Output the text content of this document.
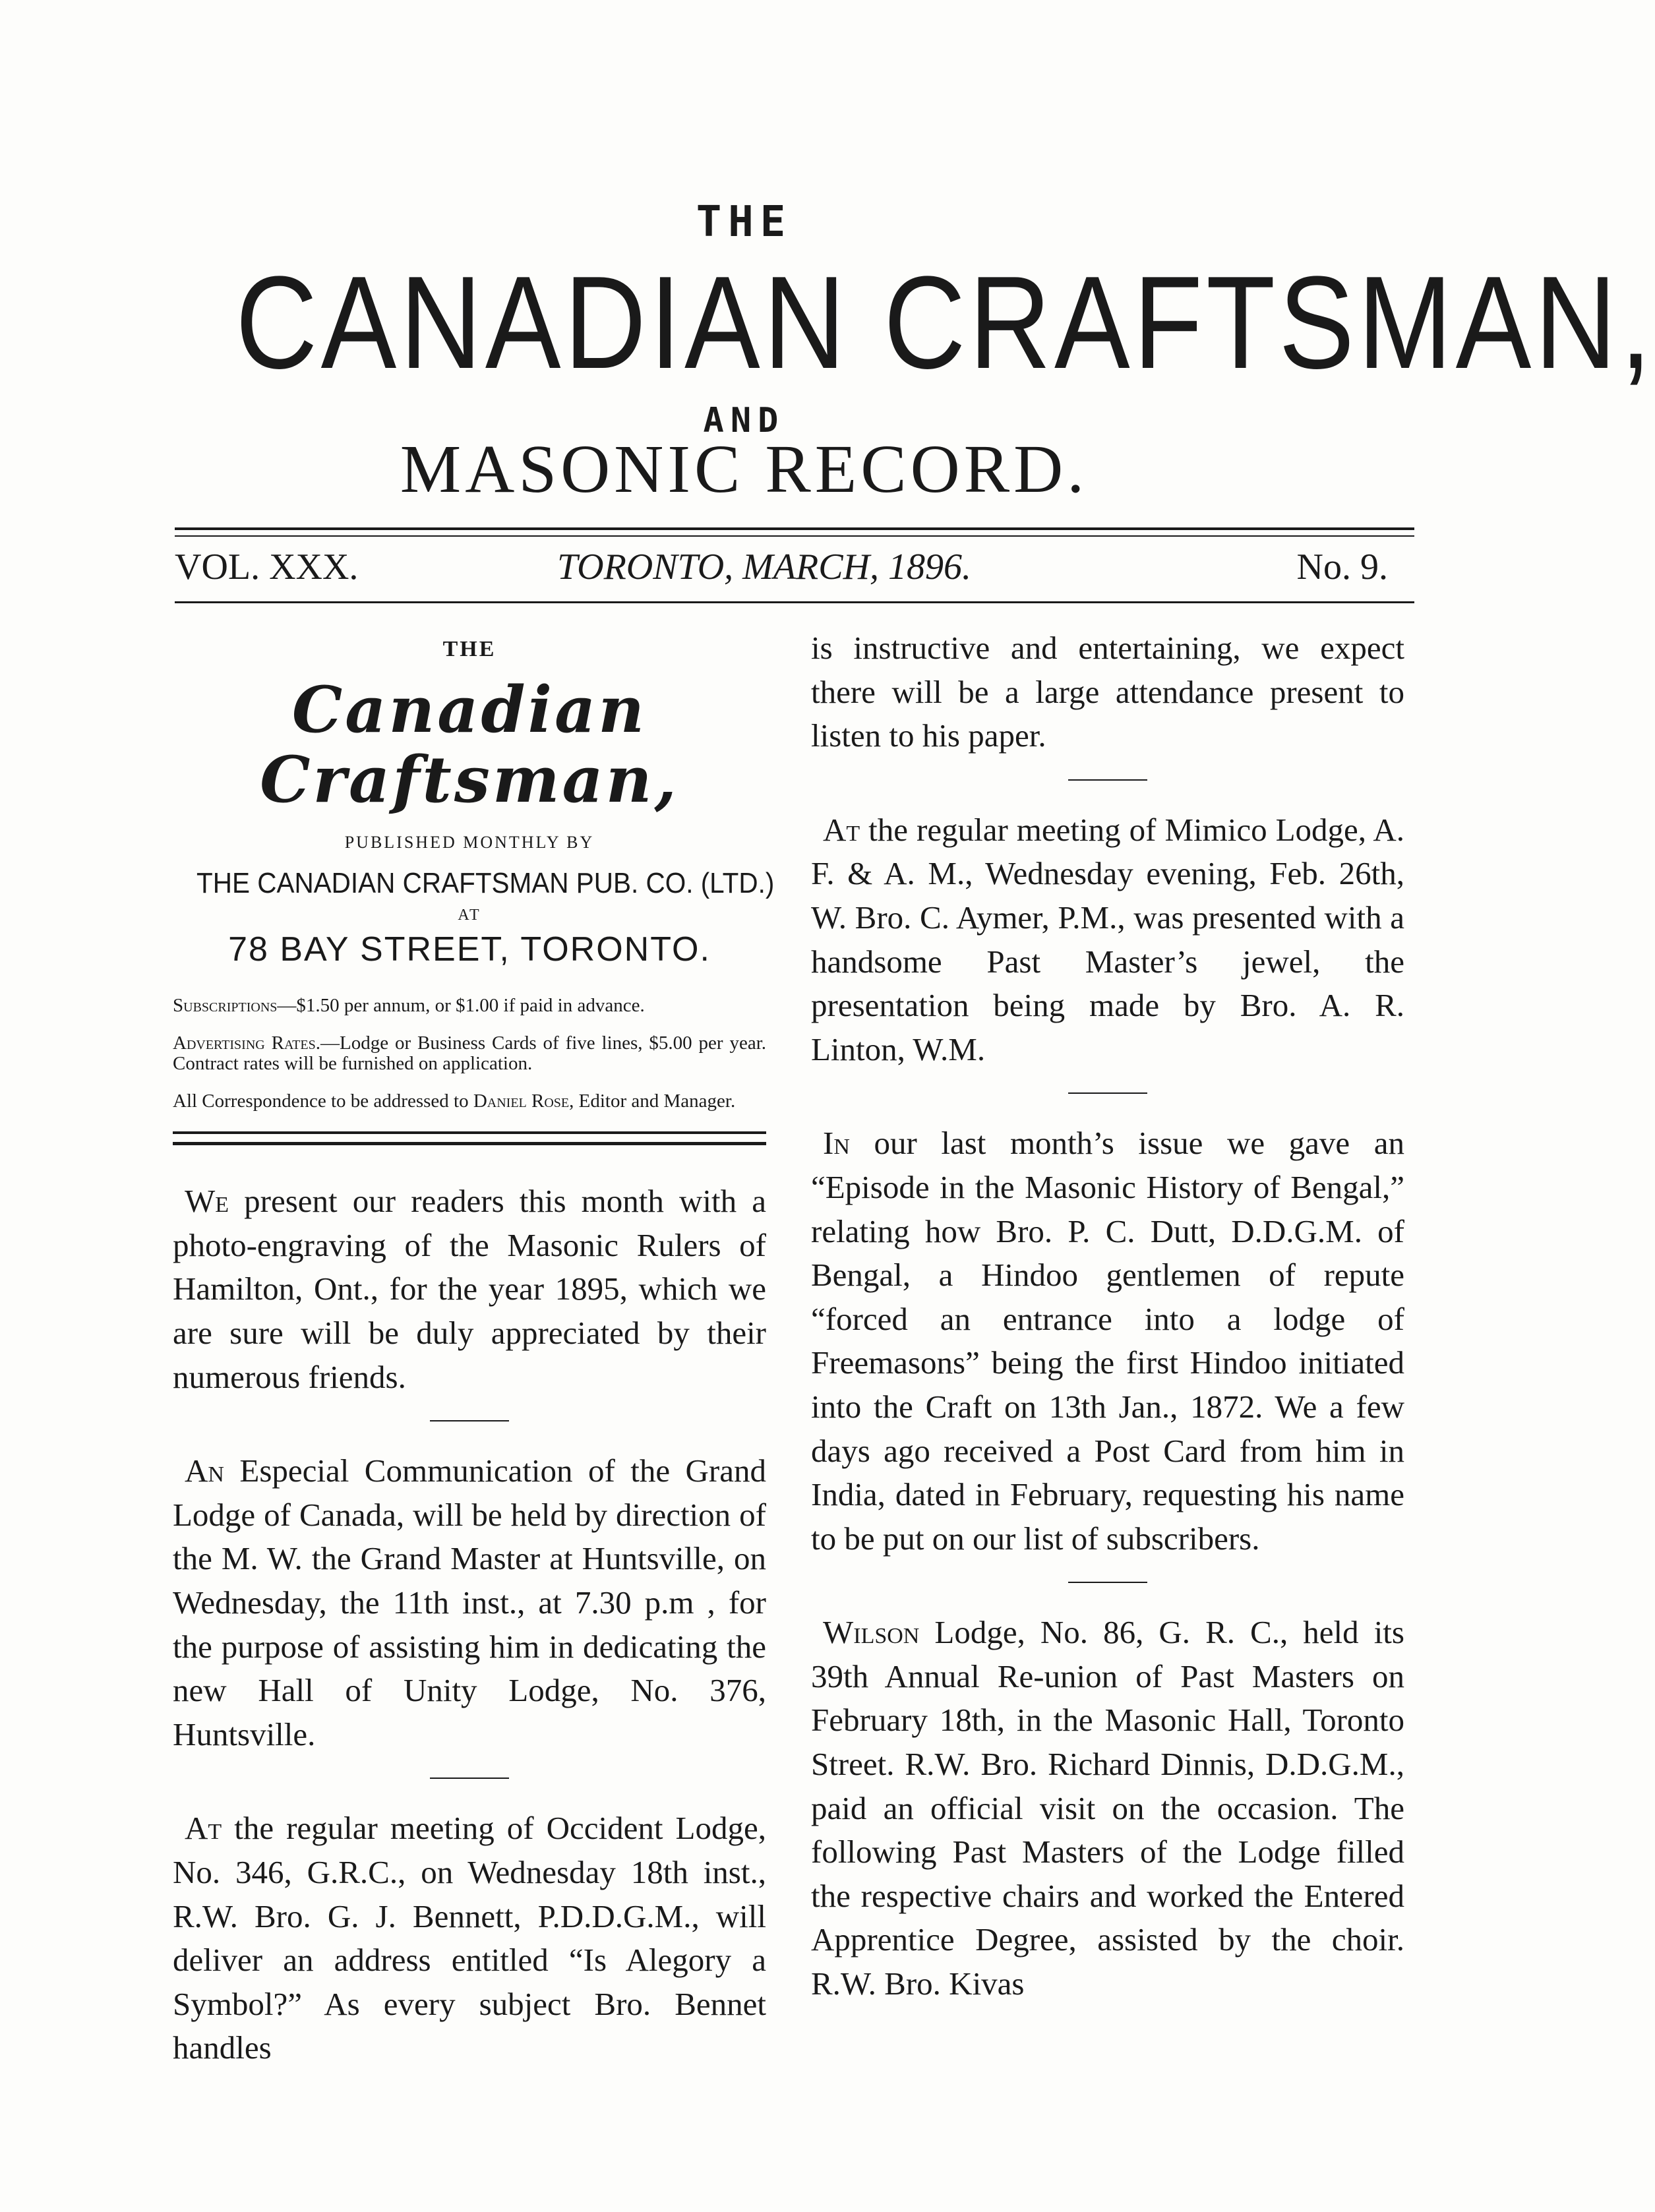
THE
CANADIAN CRAFTSMAN,
AND
MASONIC RECORD.
VOL. XXX.	TORONTO, MARCH, 1896.	No. 9.
THE
Canadian Craftsman,
PUBLISHED MONTHLY BY
THE CANADIAN CRAFTSMAN PUB. CO. (LTD.)
AT
78 BAY STREET, TORONTO.

Subscriptions—$1.50 per annum, or $1.00 if paid in advance.

Advertising Rates.—Lodge or Business Cards of five lines, $5.00 per year. Contract rates will be furnished on application.

All Correspondence to be addressed to Daniel Rose, Editor and Manager.

We present our readers this month with a photo-engraving of the Masonic Rulers of Hamilton, Ont., for the year 1895, which we are sure will be duly appreciated by their numerous friends.

An Especial Communication of the Grand Lodge of Canada, will be held by direction of the M. W. the Grand Master at Huntsville, on Wednesday, the 11th inst., at 7.30 p.m , for the purpose of assisting him in dedicating the new Hall of Unity Lodge, No. 376, Huntsville.

At the regular meeting of Occident Lodge, No. 346, G.R.C., on Wednesday 18th inst., R.W. Bro. G. J. Bennett, P.D.D.G.M., will deliver an address entitled “Is Alegory a Symbol?” As every subject Bro. Bennet handles

is instructive and entertaining, we expect there will be a large attendance present to listen to his paper.

At the regular meeting of Mimico Lodge, A. F. & A. M., Wednesday evening, Feb. 26th, W. Bro. C. Aymer, P.M., was presented with a handsome Past Master’s jewel, the presentation being made by Bro. A. R. Linton, W.M.

In our last month’s issue we gave an “Episode in the Masonic History of Bengal,” relating how Bro. P. C. Dutt, D.D.G.M. of Bengal, a Hindoo gentlemen of repute “forced an entrance into a lodge of Freemasons” being the first Hindoo initiated into the Craft on 13th Jan., 1872. We a few days ago received a Post Card from him in India, dated in February, requesting his name to be put on our list of subscribers.

Wilson Lodge, No. 86, G. R. C., held its 39th Annual Re-union of Past Masters on February 18th, in the Masonic Hall, Toronto Street. R.W. Bro. Richard Dinnis, D.D.G.M., paid an official visit on the occasion. The following Past Masters of the Lodge filled the respective chairs and worked the Entered Apprentice Degree, assisted by the choir. R.W. Bro. Kivas
